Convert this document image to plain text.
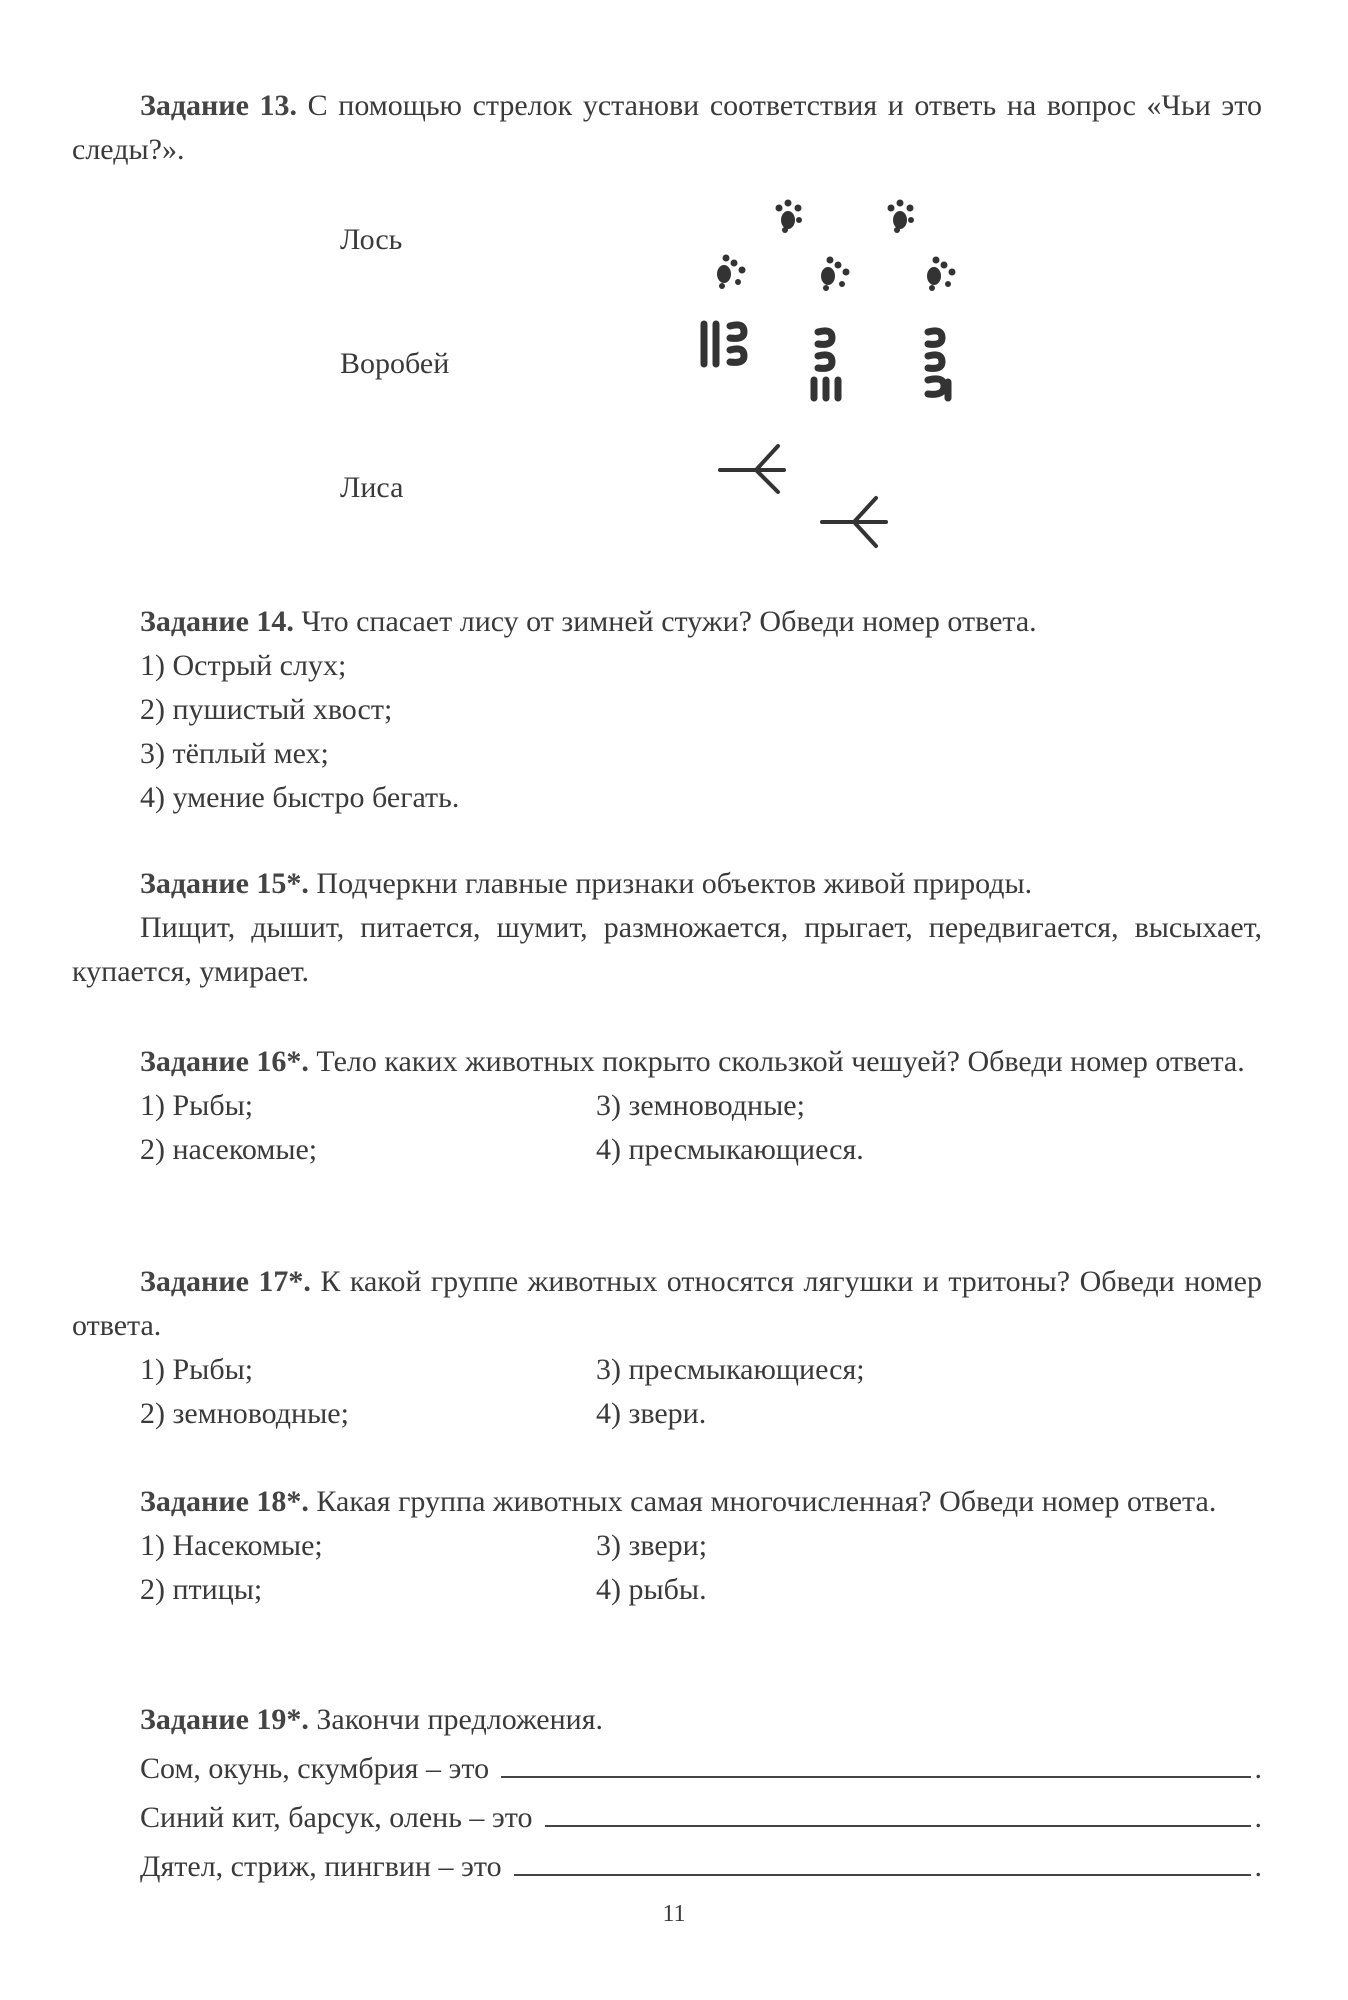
Задание 13. С помощью стрелок установи соответствия и ответь на вопрос «Чьи это следы?».

Лось
Воробей
Лиса

Задание 14. Что спасает лису от зимней стужи? Обведи номер ответа.

1) Острый слух;

2) пушистый хвост;

3) тёплый мех;

4) умение быстро бегать.

Задание 15*. Подчеркни главные признаки объектов живой природы.

Пищит, дышит, питается, шумит, размножается, прыгает, передвигается, высыхает, купается, умирает.

Задание 16*. Тело каких животных покрыто скользкой чешуей? Обведи номер ответа.

1) Рыбы;	3) земноводные;
2) насекомые;	4) пресмыкающиеся.

Задание 17*. К какой группе животных относятся лягушки и тритоны? Обведи номер ответа.

1) Рыбы;	3) пресмыкающиеся;
2) земноводные;	4) звери.

Задание 18*. Какая группа животных самая многочисленная? Обведи номер ответа.

1) Насекомые;	3) звери;
2) птицы;	4) рыбы.

Задание 19*. Закончи предложения.

Сом, окунь, скумбрия – это	.
Синий кит, барсук, олень – это	.
Дятел, стриж, пингвин – это	.
11
